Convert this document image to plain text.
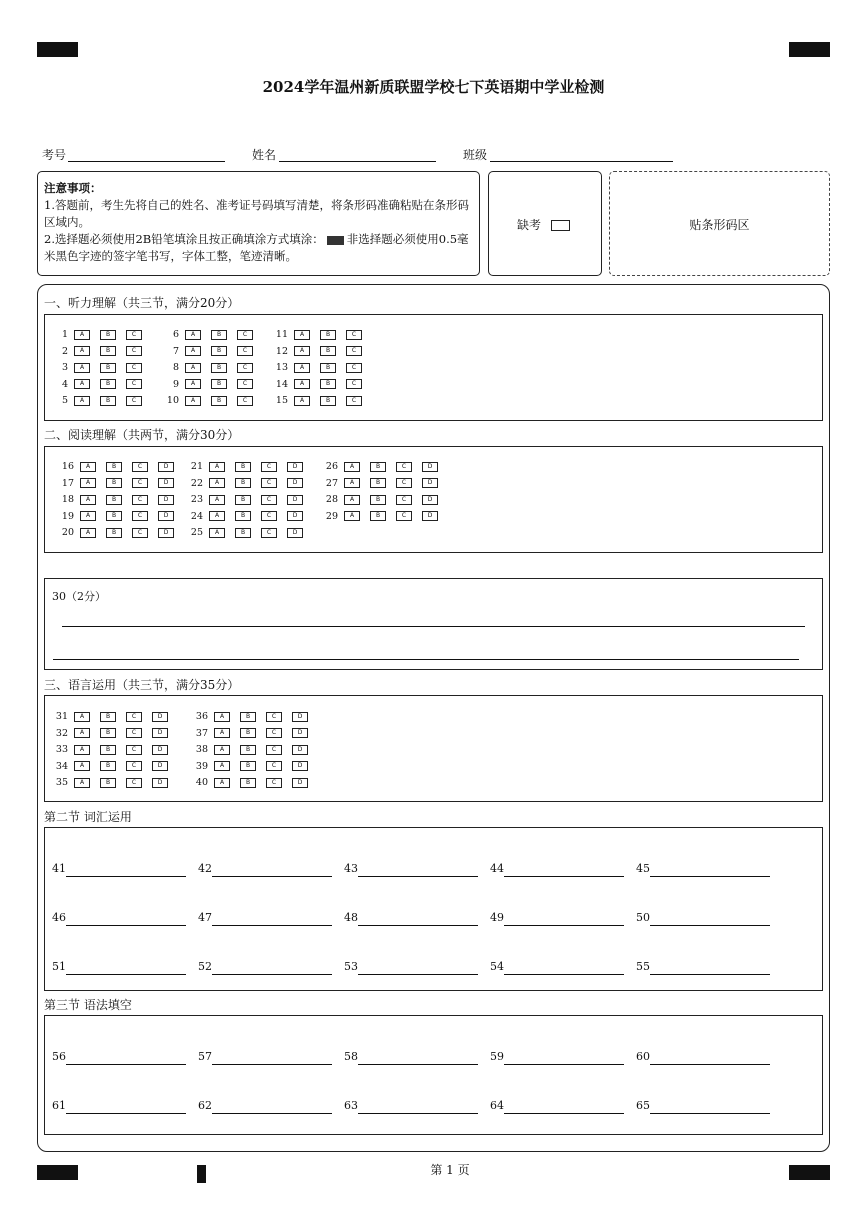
2024学年温州新质联盟学校七下英语期中学业检测
考号	姓名	班级
注意事项：
1.答题前，考生先将自己的姓名、准考证号码填写清楚，将条形码准确粘贴在条形码区域内。
2.选择题必须使用2B铅笔填涂且按正确填涂方式填涂： 非选择题必须使用0.5毫米黑色字迹的签字笔书写，字体工整，笔迹清晰。
缺考	贴条形码区
一、听力理解（共三节，满分20分）
1 A	B	C
2 A	B	C
3 A	B	C
4 A	B	C
5 A	B	C
6 A	B	C
7 A	B	C
8 A	B	C
9 A	B	C
10 A	B	C
11 A	B	C
12 A	B	C
13 A	B	C
14 A	B	C
15 A	B	C
二、阅读理解（共两节，满分30分）
16 A	B	C	D
17 A	B	C	D
18 A	B	C	D
19 A	B	C	D
20 A	B	C	D
21 A	B	C	D
22 A	B	C	D
23 A	B	C	D
24 A	B	C	D
25 A	B	C	D
26 A	B	C	D
27 A	B	C	D
28 A	B	C	D
29 A	B	C	D
30（2分）
三、语言运用（共三节，满分35分）
31 A	B	C	D
32 A	B	C	D
33 A	B	C	D
34 A	B	C	D
35 A	B	C	D
36 A	B	C	D
37 A	B	C	D
38 A	B	C	D
39 A	B	C	D
40 A	B	C	D
第二节 词汇运用
41	42	43	44	45
46	47	48	49	50
51	52	53	54	55
第三节 语法填空
56	57	58	59	60
61	62	63	64	65
第 1 页
